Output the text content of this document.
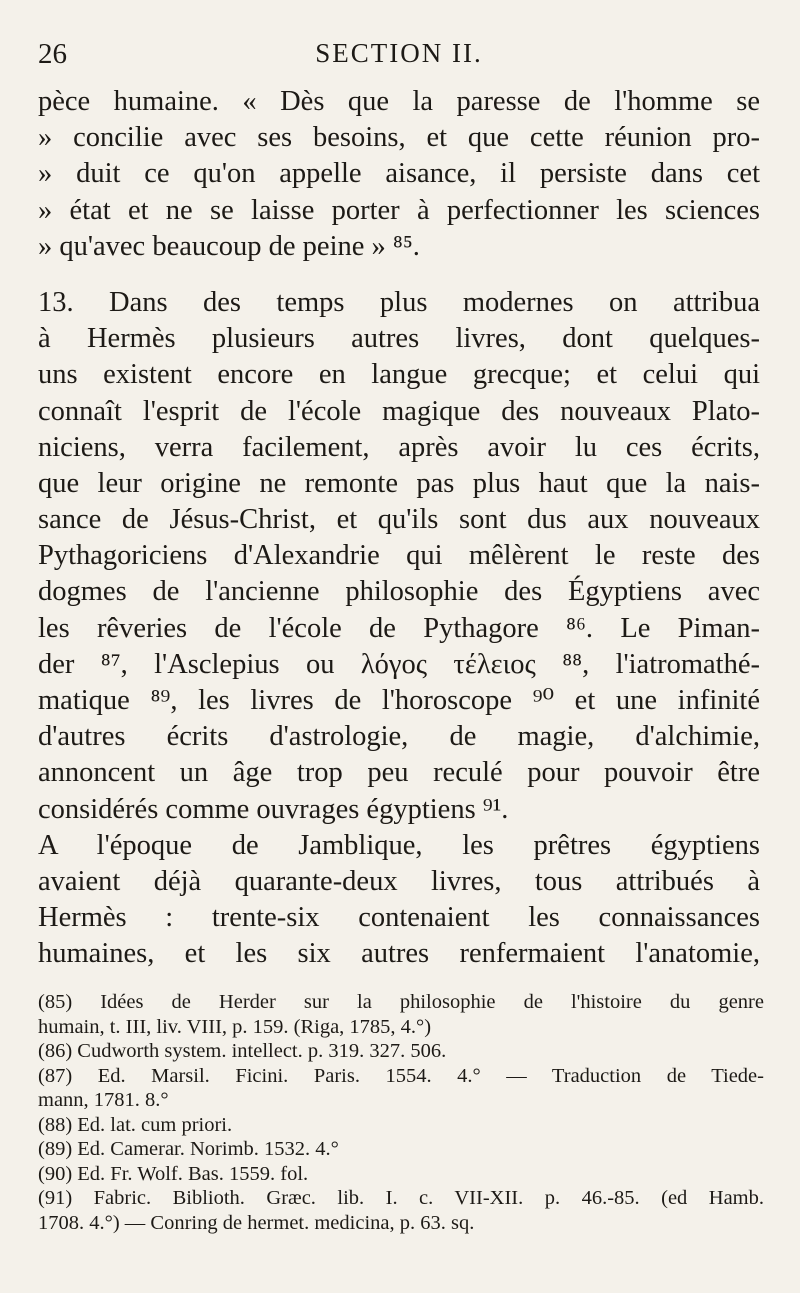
26	SECTION II.
pèce humaine. « Dès que la paresse de l'homme se
» concilie avec ses besoins, et que cette réunion pro-
» duit ce qu'on appelle aisance, il persiste dans cet
» état et ne se laisse porter à perfectionner les sciences
» qu'avec beaucoup de peine » ⁸⁵.
13. Dans des temps plus modernes on attribua
à Hermès plusieurs autres livres, dont quelques-
uns existent encore en langue grecque; et celui qui
connaît l'esprit de l'école magique des nouveaux Plato-
niciens, verra facilement, après avoir lu ces écrits,
que leur origine ne remonte pas plus haut que la nais-
sance de Jésus-Christ, et qu'ils sont dus aux nouveaux
Pythagoriciens d'Alexandrie qui mêlèrent le reste des
dogmes de l'ancienne philosophie des Égyptiens avec
les rêveries de l'école de Pythagore ⁸⁶. Le Piman-
der ⁸⁷, l'Asclepius ou λόγος τέλειος ⁸⁸, l'iatromathé-
matique ⁸⁹, les livres de l'horoscope ⁹⁰ et une infinité
d'autres écrits d'astrologie, de magie, d'alchimie,
annoncent un âge trop peu reculé pour pouvoir être
considérés comme ouvrages égyptiens ⁹¹.
A l'époque de Jamblique, les prêtres égyptiens
avaient déjà quarante-deux livres, tous attribués à
Hermès : trente-six contenaient les connaissances
humaines, et les six autres renfermaient l'anatomie,
(85) Idées de Herder sur la philosophie de l'histoire du genre
humain, t. III, liv. VIII, p. 159. (Riga, 1785, 4.°)
(86) Cudworth system. intellect. p. 319. 327. 506.
(87) Ed. Marsil. Ficini. Paris. 1554. 4.° — Traduction de Tiede-
mann, 1781. 8.°
(88) Ed. lat. cum priori.
(89) Ed. Camerar. Norimb. 1532. 4.°
(90) Ed. Fr. Wolf. Bas. 1559. fol.
(91) Fabric. Biblioth. Græc. lib. I. c. VII-XII. p. 46.-85. (ed Hamb.
1708. 4.°) — Conring de hermet. medicina, p. 63. sq.
